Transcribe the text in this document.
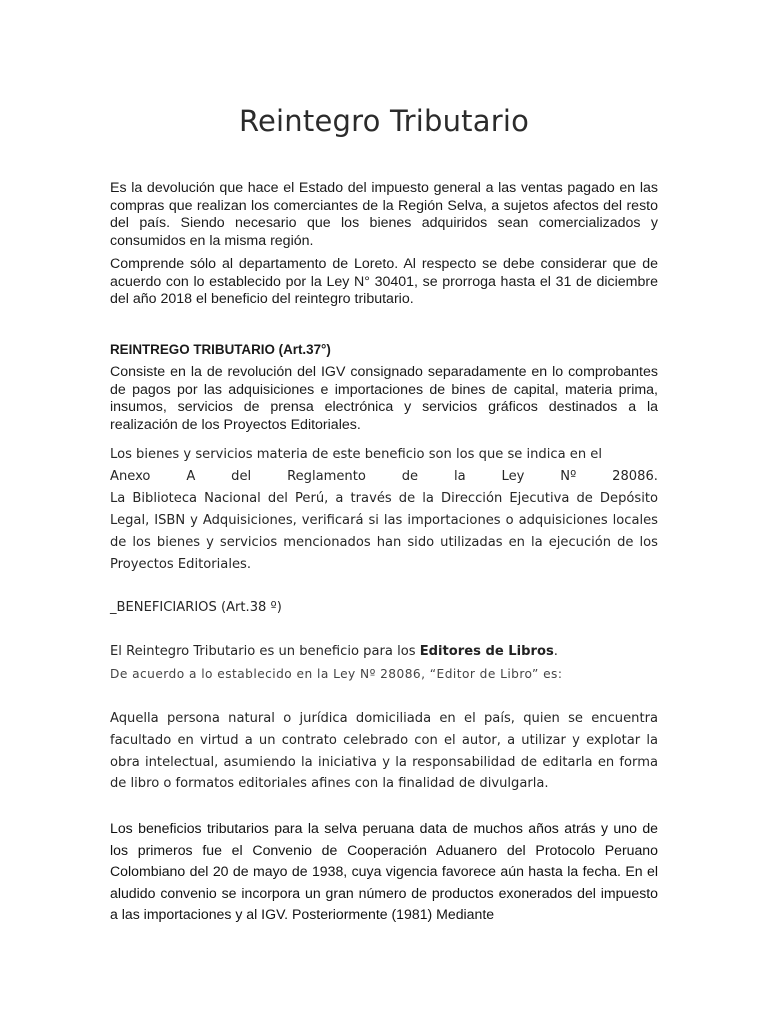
Reintegro Tributario

Es la devolución que hace el Estado del impuesto general a las ventas pagado en las compras que realizan los comerciantes de la Región Selva, a sujetos afectos del resto del país. Siendo necesario que los bienes adquiridos sean comercializados y consumidos en la misma región.

Comprende sólo al departamento de Loreto. Al respecto se debe considerar que de acuerdo con lo establecido por la Ley N° 30401, se prorroga hasta el 31 de diciembre del año 2018 el beneficio del reintegro tributario.

REINTREGO TRIBUTARIO (Art.37°)

Consiste en la de revolución del IGV consignado separadamente en lo comprobantes de pagos por las adquisiciones e importaciones de bines de capital, materia prima, insumos, servicios de prensa electrónica y servicios gráficos destinados a la realización de los Proyectos Editoriales.

Los bienes y servicios materia de este beneficio son los que se indica en el
Anexo	A	del	Reglamento	de	la	Ley	Nº	28086.
La Biblioteca Nacional del Perú, a través de la Dirección Ejecutiva de Depósito Legal, ISBN y Adquisiciones, verificará si las importaciones o adquisiciones locales de los bienes y servicios mencionados han sido utilizadas en la ejecución de los Proyectos Editoriales.

_BENEFICIARIOS (Art.38 º)

El Reintegro Tributario es un beneficio para los Editores de Libros.

De acuerdo a lo establecido en la Ley Nº 28086, “Editor de Libro” es:

Aquella persona natural o jurídica domiciliada en el país, quien se encuentra facultado en virtud a un contrato celebrado con el autor, a utilizar y explotar la obra intelectual, asumiendo la iniciativa y la responsabilidad de editarla en forma de libro o formatos editoriales afines con la finalidad de divulgarla.

Los beneficios tributarios para la selva peruana data de muchos años atrás y uno de los primeros fue el Convenio de Cooperación Aduanero del Protocolo Peruano Colombiano del 20 de mayo de 1938, cuya vigencia favorece aún hasta la fecha. En el aludido convenio se incorpora un gran número de productos exonerados del impuesto a las importaciones y al IGV. Posteriormente (1981) Mediante
